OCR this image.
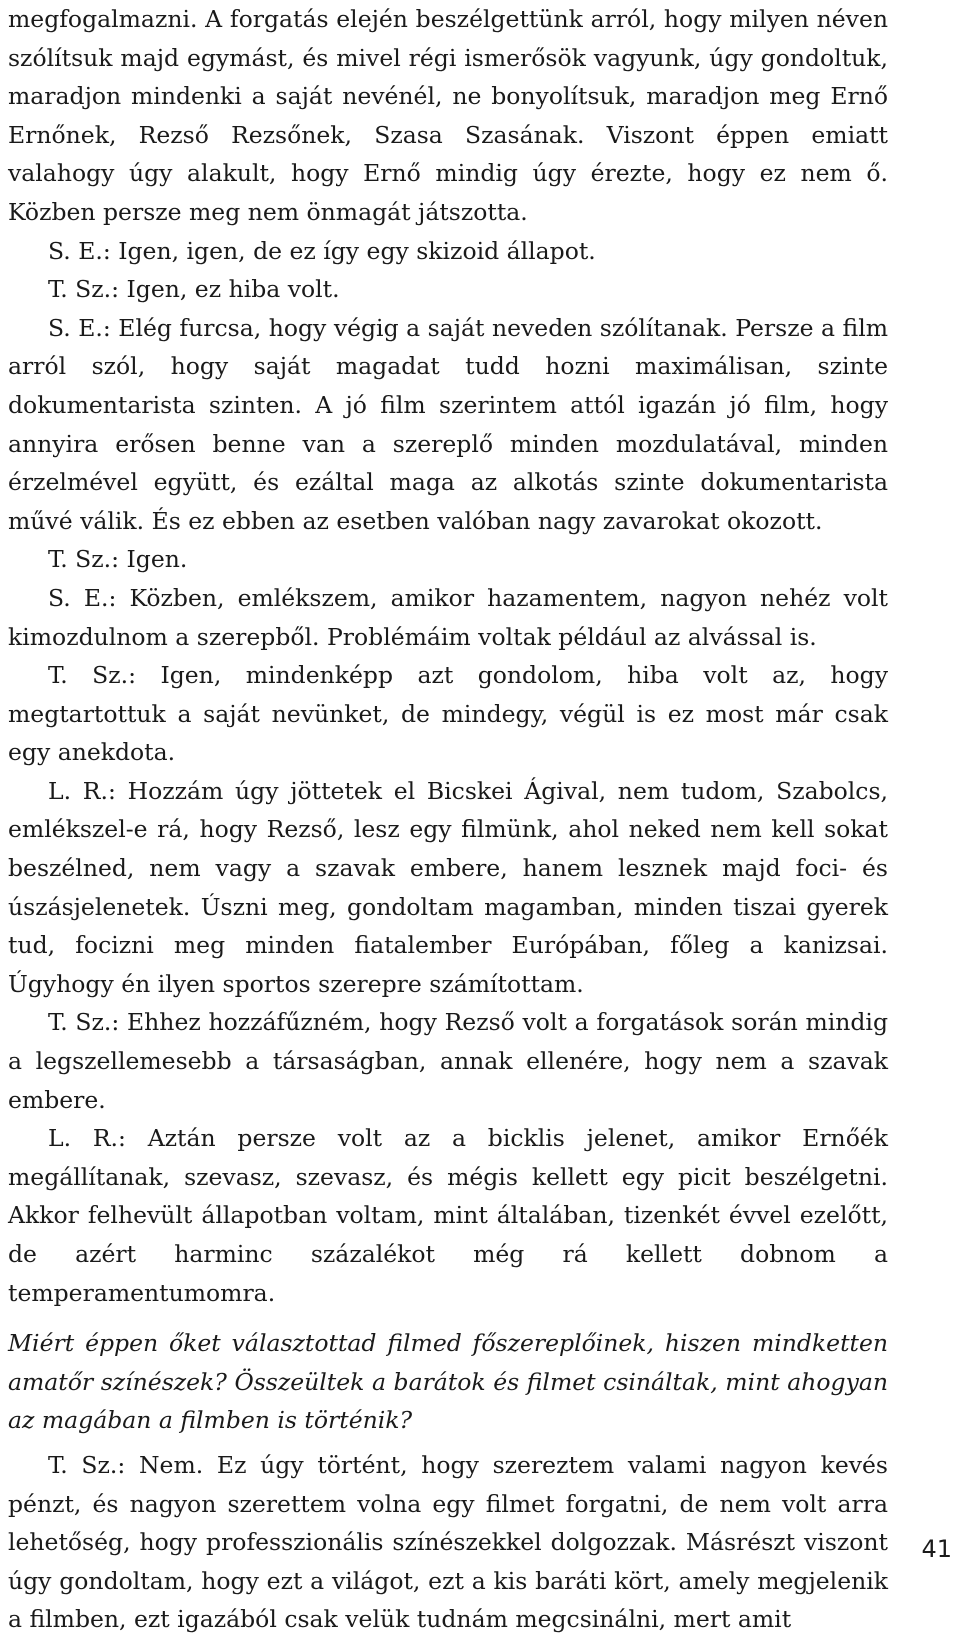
megfogalmazni. A forgatás elején beszélgettünk arról, hogy milyen néven szólítsuk majd egymást, és mivel régi ismerősök vagyunk, úgy gondoltuk, maradjon mindenki a saját nevénél, ne bonyolítsuk, maradjon meg Ernő Ernőnek, Rezső Rezsőnek, Szasa Szasának. Viszont éppen emiatt valahogy úgy alakult, hogy Ernő mindig úgy érezte, hogy ez nem ő. Közben persze meg nem önmagát játszotta.

S. E.: Igen, igen, de ez így egy skizoid állapot.

T. Sz.: Igen, ez hiba volt.

S. E.: Elég furcsa, hogy végig a saját neveden szólítanak. Persze a film arról szól, hogy saját magadat tudd hozni maximálisan, szinte dokumentarista szinten. A jó film szerintem attól igazán jó film, hogy annyira erősen benne van a szereplő minden mozdulatával, minden érzelmével együtt, és ezáltal maga az alkotás szinte dokumentarista művé válik. És ez ebben az esetben valóban nagy zavarokat okozott.

T. Sz.: Igen.

S. E.: Közben, emlékszem, amikor hazamentem, nagyon nehéz volt kimozdulnom a szerepből. Problémáim voltak például az alvással is.

T. Sz.: Igen, mindenképp azt gondolom, hiba volt az, hogy megtartottuk a saját nevünket, de mindegy, végül is ez most már csak egy anekdota.

L. R.: Hozzám úgy jöttetek el Bicskei Ágival, nem tudom, Szabolcs, emlékszel-e rá, hogy Rezső, lesz egy filmünk, ahol neked nem kell sokat beszélned, nem vagy a szavak embere, hanem lesznek majd foci- és úszásjelenetek. Úszni meg, gondoltam magamban, minden tiszai gyerek tud, focizni meg minden fiatalember Európában, főleg a kanizsai. Úgyhogy én ilyen sportos szerepre számítottam.

T. Sz.: Ehhez hozzáfűzném, hogy Rezső volt a forgatások során mindig a legszellemesebb a társaságban, annak ellenére, hogy nem a szavak embere.

L. R.: Aztán persze volt az a bicklis jelenet, amikor Ernőék megállítanak, szevasz, szevasz, és mégis kellett egy picit beszélgetni. Akkor felhevült állapotban voltam, mint általában, tizenkét évvel ezelőtt, de azért harminc százalékot még rá kellett dobnom a temperamentumomra.

Miért éppen őket választottad filmed főszereplőinek, hiszen mindketten amatőr színészek? Összeültek a barátok és filmet csináltak, mint ahogyan az magában a filmben is történik?

T. Sz.: Nem. Ez úgy történt, hogy szereztem valami nagyon kevés pénzt, és nagyon szerettem volna egy filmet forgatni, de nem volt arra lehetőség, hogy professzionális színészekkel dolgozzak. Másrészt viszont úgy gondoltam, hogy ezt a világot, ezt a kis baráti kört, amely megjelenik a filmben, ezt igazából csak velük tudnám megcsinálni, mert amit

41
